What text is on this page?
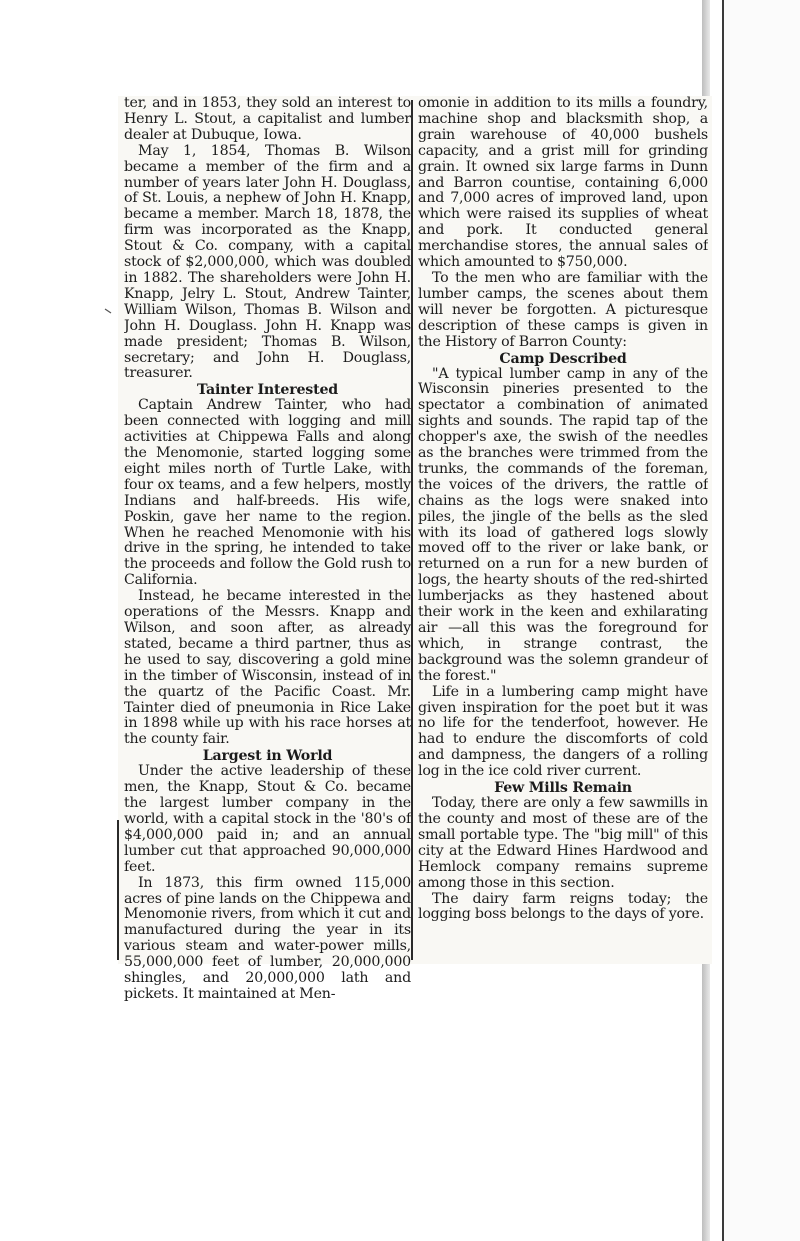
ter, and in 1853, they sold an interest to Henry L. Stout, a capitalist and lumber dealer at Dubuque, Iowa.

May 1, 1854, Thomas B. Wilson became a member of the firm and a number of years later John H. Douglass, of St. Louis, a nephew of John H. Knapp, became a member. March 18, 1878, the firm was incorporated as the Knapp, Stout & Co. company, with a capital stock of $2,000,000, which was doubled in 1882. The shareholders were John H. Knapp, Jelry L. Stout, Andrew Tainter, William Wilson, Thomas B. Wilson and John H. Douglass. John H. Knapp was made president; Thomas B. Wilson, secretary; and John H. Douglass, treasurer.

Tainter Interested

Captain Andrew Tainter, who had been connected with logging and mill activities at Chippewa Falls and along the Menomonie, started logging some eight miles north of Turtle Lake, with four ox teams, and a few helpers, mostly Indians and half-breeds. His wife, Poskin, gave her name to the region. When he reached Menomonie with his drive in the spring, he intended to take the proceeds and follow the Gold rush to California.

Instead, he became interested in the operations of the Messrs. Knapp and Wilson, and soon after, as already stated, became a third partner, thus as he used to say, discovering a gold mine in the timber of Wisconsin, instead of in the quartz of the Pacific Coast. Mr. Tainter died of pneumonia in Rice Lake in 1898 while up with his race horses at the county fair.

Largest in World

Under the active leadership of these men, the Knapp, Stout & Co. became the largest lumber company in the world, with a capital stock in the '80's of $4,000,000 paid in; and an annual lumber cut that approached 90,000,000 feet.

In 1873, this firm owned 115,000 acres of pine lands on the Chippewa and Menomonie rivers, from which it cut and manufactured during the year in its various steam and water-power mills, 55,000,000 feet of lumber, 20,000,000 shingles, and 20,000,000 lath and pickets. It maintained at Men-

omonie in addition to its mills a foundry, machine shop and blacksmith shop, a grain warehouse of 40,000 bushels capacity, and a grist mill for grinding grain. It owned six large farms in Dunn and Barron countise, containing 6,000 and 7,000 acres of improved land, upon which were raised its supplies of wheat and pork. It conducted general merchandise stores, the annual sales of which amounted to $750,000.

To the men who are familiar with the lumber camps, the scenes about them will never be forgotten. A picturesque description of these camps is given in the History of Barron County:

Camp Described

"A typical lumber camp in any of the Wisconsin pineries presented to the spectator a combination of animated sights and sounds. The rapid tap of the chopper's axe, the swish of the needles as the branches were trimmed from the trunks, the commands of the foreman, the voices of the drivers, the rattle of chains as the logs were snaked into piles, the jingle of the bells as the sled with its load of gathered logs slowly moved off to the river or lake bank, or returned on a run for a new burden of logs, the hearty shouts of the red-shirted lumberjacks as they hastened about their work in the keen and exhilarating air —all this was the foreground for which, in strange contrast, the background was the solemn grandeur of the forest."

Life in a lumbering camp might have given inspiration for the poet but it was no life for the tenderfoot, however. He had to endure the discomforts of cold and dampness, the dangers of a rolling log in the ice cold river current.

Few Mills Remain

Today, there are only a few sawmills in the county and most of these are of the small portable type. The "big mill" of this city at the Edward Hines Hardwood and Hemlock company remains supreme among those in this section.

The dairy farm reigns today; the logging boss belongs to the days of yore.
